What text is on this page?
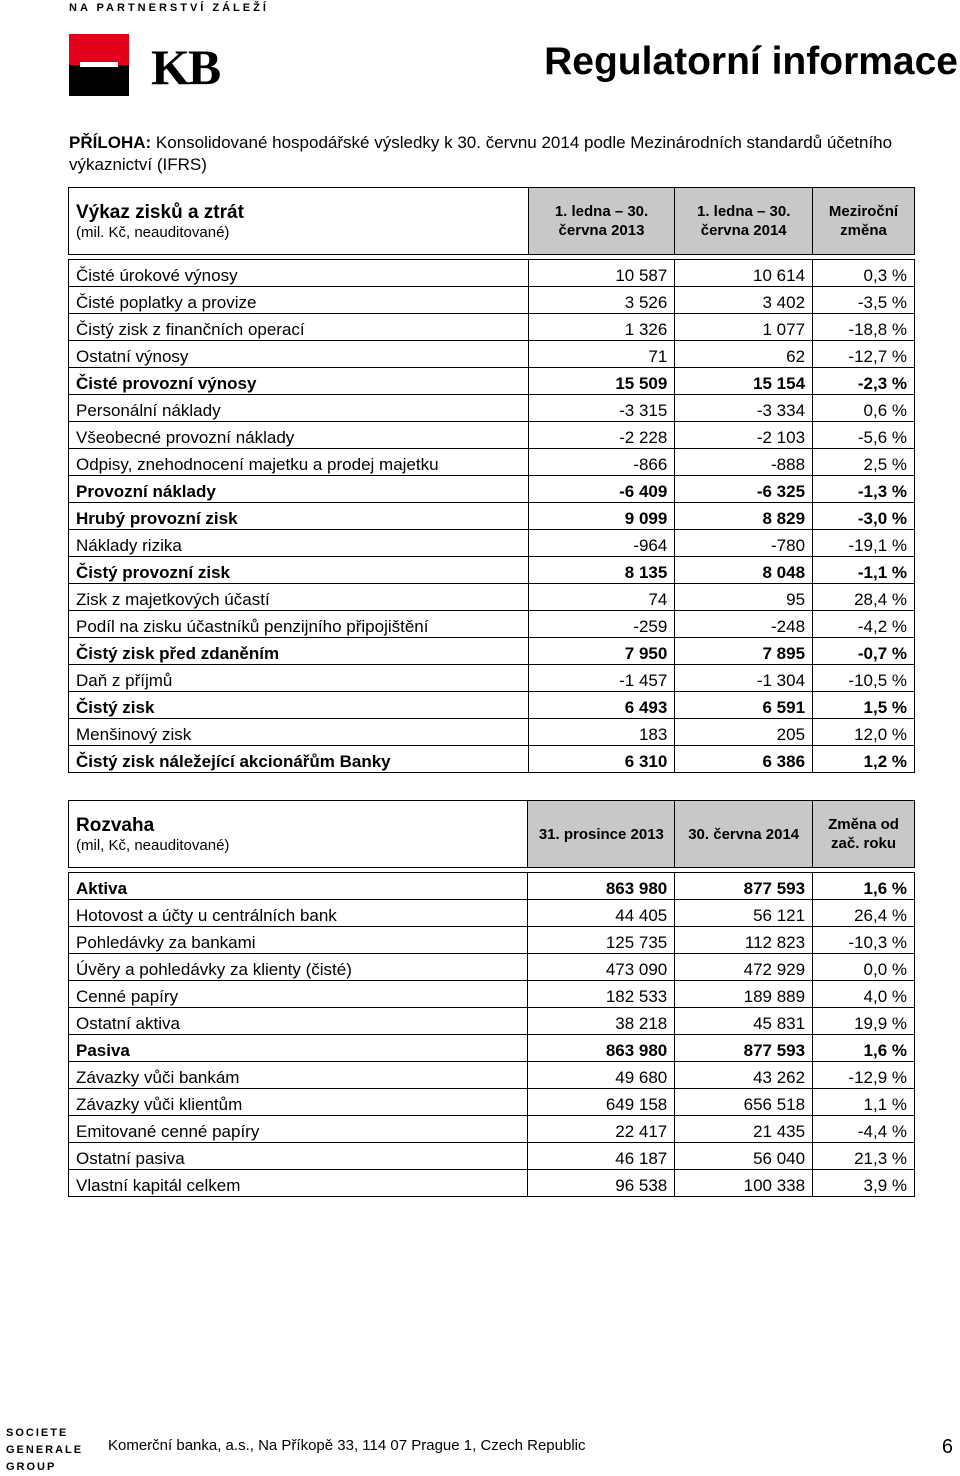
NA PARTNERSTVÍ ZÁLEŽÍ
KB	Regulatorní informace
PŘÍLOHA: Konsolidované hospodářské výsledky k 30. červnu 2014 podle Mezinárodních standardů účetního výkaznictví (IFRS)
Výkaz zisků a ztrát
(mil. Kč, neauditované)	1. ledna – 30. června 2013	1. ledna – 30. června 2014	Meziroční změna

Čisté úrokové výnosy	10 587	10 614	0,3 %
Čisté poplatky a provize	3 526	3 402	-3,5 %
Čistý zisk z finančních operací	1 326	1 077	-18,8 %
Ostatní výnosy	71	62	-12,7 %
Čisté provozní výnosy	15 509	15 154	-2,3 %
Personální náklady	-3 315	-3 334	0,6 %
Všeobecné provozní náklady	-2 228	-2 103	-5,6 %
Odpisy, znehodnocení majetku a prodej majetku	-866	-888	2,5 %
Provozní náklady	-6 409	-6 325	-1,3 %
Hrubý provozní zisk	9 099	8 829	-3,0 %
Náklady rizika	-964	-780	-19,1 %
Čistý provozní zisk	8 135	8 048	-1,1 %
Zisk z majetkových účastí	74	95	28,4 %
Podíl na zisku účastníků penzijního připojištění	-259	-248	-4,2 %
Čistý zisk před zdaněním	7 950	7 895	-0,7 %
Daň z příjmů	-1 457	-1 304	-10,5 %
Čistý zisk	6 493	6 591	1,5 %
Menšinový zisk	183	205	12,0 %
Čistý zisk náležející akcionářům Banky	6 310	6 386	1,2 %
Rozvaha
(mil, Kč, neauditované)	31. prosince 2013	30. června 2014	Změna od zač. roku

Aktiva	863 980	877 593	1,6 %
Hotovost a účty u centrálních bank	44 405	56 121	26,4 %
Pohledávky za bankami	125 735	112 823	-10,3 %
Úvěry a pohledávky za klienty (čisté)	473 090	472 929	0,0 %
Cenné papíry	182 533	189 889	4,0 %
Ostatní aktiva	38 218	45 831	19,9 %
Pasiva	863 980	877 593	1,6 %
Závazky vůči bankám	49 680	43 262	-12,9 %
Závazky vůči klientům	649 158	656 518	1,1 %
Emitované cenné papíry	22 417	21 435	-4,4 %
Ostatní pasiva	46 187	56 040	21,3 %
Vlastní kapitál celkem	96 538	100 338	3,9 %
SOCIETE
GENERALE
GROUP
Komerční banka, a.s., Na Příkopě 33, 114 07 Prague 1, Czech Republic	6
